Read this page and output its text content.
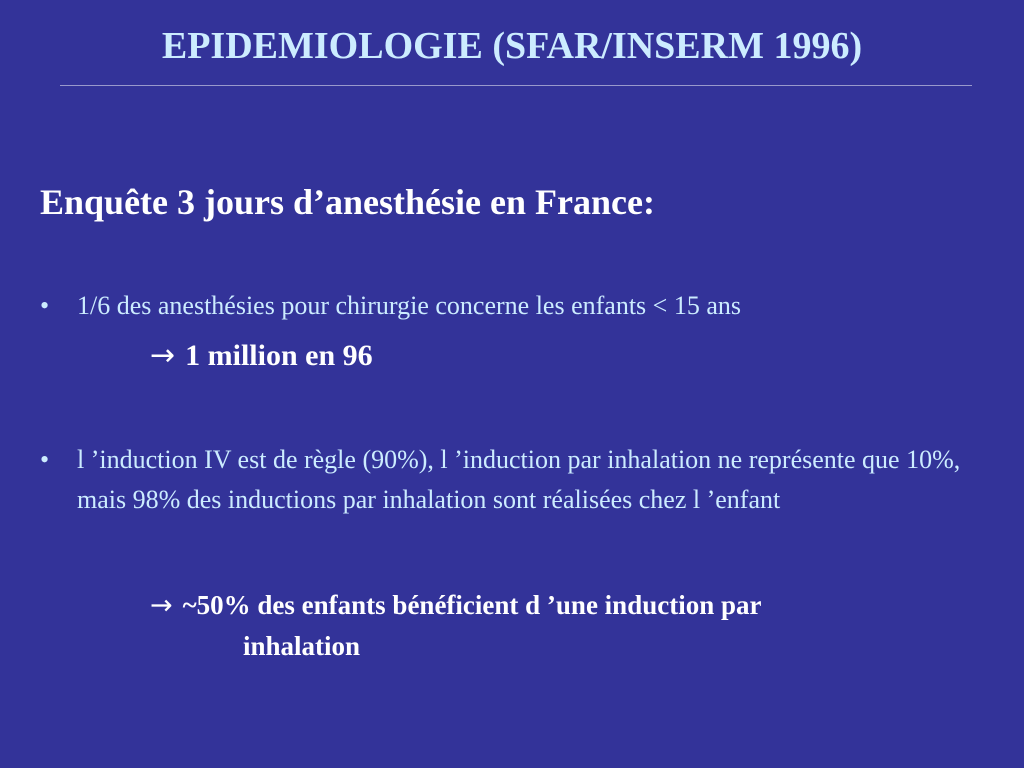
EPIDEMIOLOGIE (SFAR/INSERM 1996)
Enquête 3 jours d’anesthésie en France:
•	1/6 des anesthésies pour chirurgie concerne les enfants < 15 ans
→ 1 million en 96
•	l ’induction IV est de règle (90%), l ’induction par inhalation ne représente que 10%, mais 98% des inductions par inhalation sont réalisées chez l ’enfant
→ ~50% des enfants bénéficient d ’une induction par
inhalation
